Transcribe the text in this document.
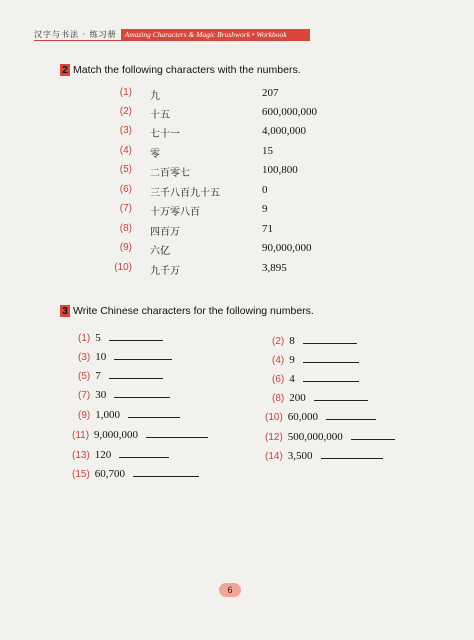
汉字与书法 · 练习册	Amazing Characters & Magic Brushwork • Workbook
2 Match the following characters with the numbers.
(1) 九	207
(2) 十五	600,000,000
(3) 七十一	4,000,000
(4) 零	15
(5) 二百零七	100,800
(6) 三千八百九十五	0
(7) 十万零八百	9
(8) 四百万	71
(9) 六亿	90,000,000
(10) 九千万	3,895
3 Write Chinese characters for the following numbers.
(1) 5
(3) 10
(5) 7
(7) 30
(9) 1,000
(11) 9,000,000
(13) 120
(15) 60,700
(2) 8
(4) 9
(6) 4
(8) 200
(10) 60,000
(12) 500,000,000
(14) 3,500
6
